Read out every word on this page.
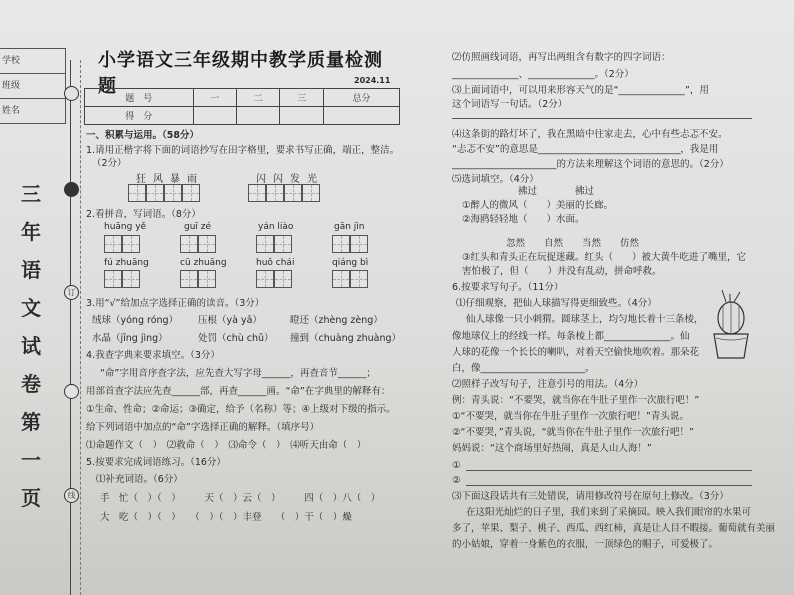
学校
班级
姓名
订
线
三
年
语
文
试
卷
第
一
页
小学语文三年级期中教学质量检测题	2024.11
题　号	一	二	三	总分
得　分				
一、积累与运用。（58分）
1.请用正楷字将下面的词语抄写在田字格里，要求书写正确，端正，整洁。
（2分）
狂风暴雨	闪闪发光
2.看拼音，写词语。（8分）
huāng yě	guī zé	yán liào	gān jìn
fú zhuāng	cū zhuāng	huǒ chái	qiáng bì
3.用“√”给加点字选择正确的读音。（3分）
绒球（yóng róng） 压根（yà yā）	瞪还（zhèng zèng）
水晶（jīng jìng）	处罚（chù chǔ） 撞到（chuàng zhuàng）
4.我查字典来要求填空。（3分）
“命”字用音序查字法，应先查大写字母______，再查音节______；
用部首查字法应先查______部，再查______画。“命”在字典里的解释有：
①生命、性命；②命运；③确定，给予（名称）等；④上级对下级的指示。
给下列词语中加点的“命”字选择正确的解释。（填序号）
⑴命题作文（　）　⑵救命（　）　⑶命令（　）　⑷听天由命（　）
5.按要求完成词语练习。（16分）
⑴补充词语。（6分）
手　忙（　）（　）　　　天（　）云（　）　　　四（　）八（　）
大　吃（　）（　）　　（　）（　）丰登　　（　）干（　）燥
⑵仿照画线词语，再写出两组含有数字的四字词语：
______________、______________。（2分）
⑶上面词语中，可以用来形容天气的是“______________”，用
这个词语写一句话。（2分）
⑷这条街的路灯坏了，我在黑暗中往家走去，心中有些忐忑不安。
“忐忑不安”的意思是______________________________，我是用
______________________的方法来理解这个词语的意思的。（2分）
⑸选词填空。（4分）
拂过　　　　拂过
①醉人的微风（　　）美丽的长廊。
②海鸥轻轻地（　　）水面。
忽然　　自然　　当然　　仿然
③红头和青头正在玩捉迷藏。红头（　　）被大黄牛吃进了嘴里，它
害怕极了，但（　　）并没有乱动，拼命呼救。
6.按要求写句子。（11分）
⑴仔细观察，把仙人球描写得更细致些。（4分）
仙人球像一只小刺猬。圆球茎上，均匀地长着十三条棱，
像地球仪上的经线一样。每条棱上都______________。仙
人球的花像一个长长的喇叭，对着天空偷快地吹着。那朵花
白，像______________________。
⑵照样子改写句子，注意引号的用法。（4分）
例：青头说：“不要哭，就当你在牛肚子里作一次旅行吧！”
①“不要哭，就当你在牛肚子里作一次旅行吧！”青头说。
②“不要哭，”青头说，“就当你在牛肚子里作一次旅行吧！”
妈妈说：“这个商场里好热闹，真是人山人海！”
①
②
⑶下面这段话共有三处错误，请用修改符号在原句上修改。（3分）
在这阳光灿烂的日子里，我们来到了采摘园。映入我们眼帘的水果可
多了，苹果、梨子、桃子、西瓜、西红柿，真是让人目不暇接。葡萄就有美丽
的小姑娘，穿着一身紫色的衣服，一顶绿色的帽子，可爱极了。
